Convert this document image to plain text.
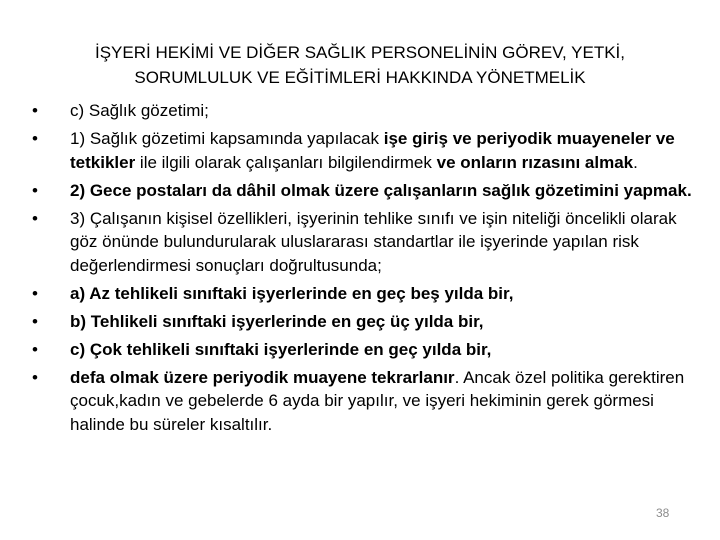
İŞYERİ HEKİMİ VE DİĞER SAĞLIK PERSONELİNİN GÖREV, YETKİ,
SORUMLULUK VE EĞİTİMLERİ HAKKINDA YÖNETMELİK
• c) Sağlık gözetimi;
• 1) Sağlık gözetimi kapsamında yapılacak işe giriş ve periyodik muayeneler ve tetkikler ile ilgili olarak çalışanları bilgilendirmek ve onların rızasını almak.
• 2) Gece postaları da dâhil olmak üzere çalışanların sağlık gözetimini yapmak.
• 3) Çalışanın kişisel özellikleri, işyerinin tehlike sınıfı ve işin niteliği öncelikli olarak göz önünde bulundurularak uluslararası standartlar ile işyerinde yapılan risk değerlendirmesi sonuçları doğrultusunda;
• a) Az tehlikeli sınıftaki işyerlerinde en geç beş yılda bir,
• b) Tehlikeli sınıftaki işyerlerinde en geç üç yılda bir,
• c) Çok tehlikeli sınıftaki işyerlerinde en geç yılda bir,
• defa olmak üzere periyodik muayene tekrarlanır. Ancak özel politika gerektiren çocuk,kadın ve gebelerde 6 ayda bir yapılır, ve işyeri hekiminin gerek görmesi halinde bu süreler kısaltılır.
38
